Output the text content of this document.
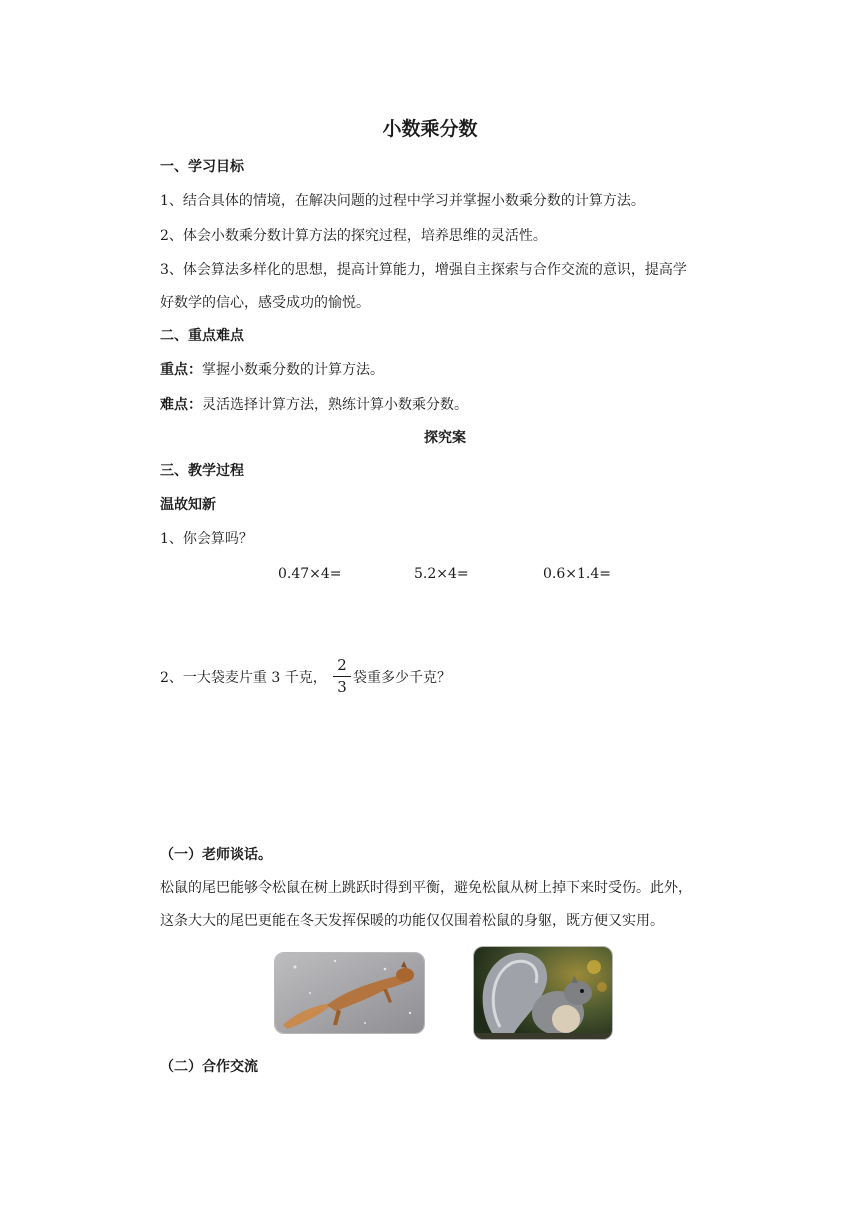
小数乘分数
一、学习目标
1、结合具体的情境，在解决问题的过程中学习并掌握小数乘分数的计算方法。
2、体会小数乘分数计算方法的探究过程，培养思维的灵活性。
3、体会算法多样化的思想，提高计算能力，增强自主探索与合作交流的意识，提高学
好数学的信心，感受成功的愉悦。
二、重点难点
重点：掌握小数乘分数的计算方法。
难点：灵活选择计算方法，熟练计算小数乘分数。
探究案
三、教学过程
温故知新
1、你会算吗？
0.47×4=	5.2×4=	0.6×1.4=
2、一大袋麦片重 3 千克，
2
3 袋重多少千克？
（一）老师谈话。
松鼠的尾巴能够令松鼠在树上跳跃时得到平衡，避免松鼠从树上掉下来时受伤。此外，
这条大大的尾巴更能在冬天发挥保暖的功能仅仅围着松鼠的身躯，既方便又实用。
（二）合作交流
